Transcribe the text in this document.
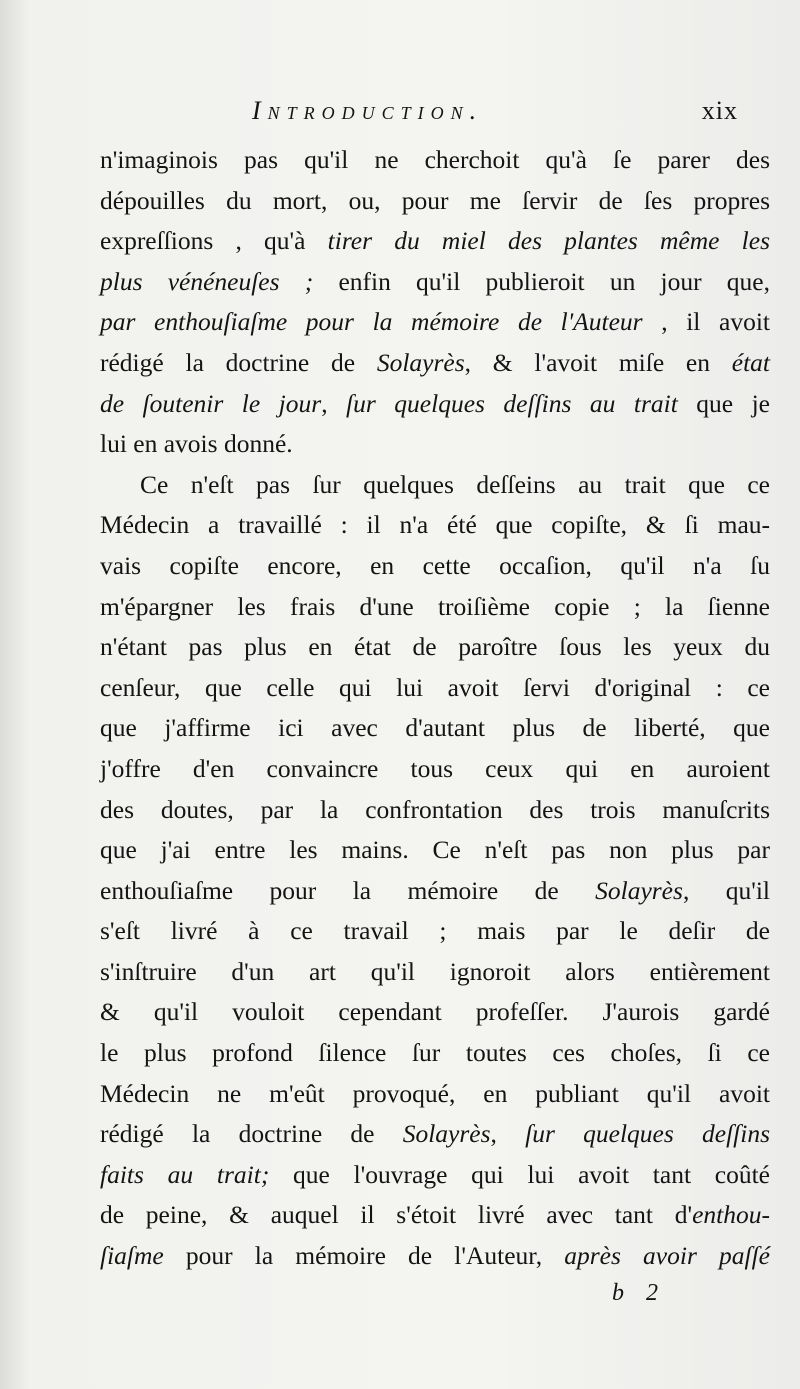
Introduction.	xix
n'imaginois pas qu'il ne cherchoit qu'à ſe parer des
dépouilles du mort, ou, pour me ſervir de ſes propres
expreſſions , qu'à tirer du miel des plantes même les
plus vénéneuſes ; enfin qu'il publieroit un jour que,
par enthouſiaſme pour la mémoire de l'Auteur , il avoit
rédigé la doctrine de Solayrès, & l'avoit miſe en état
de ſoutenir le jour, ſur quelques deſſins au trait que je
lui en avois donné.
Ce n'eſt pas ſur quelques deſſeins au trait que ce
Médecin a travaillé : il n'a été que copiſte, & ſi mau-
vais copiſte encore, en cette occaſion, qu'il n'a ſu
m'épargner les frais d'une troiſième copie ; la ſienne
n'étant pas plus en état de paroître ſous les yeux du
cenſeur, que celle qui lui avoit ſervi d'original : ce
que j'affirme ici avec d'autant plus de liberté, que
j'offre d'en convaincre tous ceux qui en auroient
des doutes, par la confrontation des trois manuſcrits
que j'ai entre les mains. Ce n'eſt pas non plus par
enthouſiaſme pour la mémoire de Solayrès, qu'il
s'eſt livré à ce travail ; mais par le deſir de
s'inſtruire d'un art qu'il ignoroit alors entièrement
& qu'il vouloit cependant profeſſer. J'aurois gardé
le plus profond ſilence ſur toutes ces choſes, ſi ce
Médecin ne m'eût provoqué, en publiant qu'il avoit
rédigé la doctrine de Solayrès, ſur quelques deſſins
faits au trait; que l'ouvrage qui lui avoit tant coûté
de peine, & auquel il s'étoit livré avec tant d'enthou-
ſiaſme pour la mémoire de l'Auteur, après avoir paſſé
b 2
